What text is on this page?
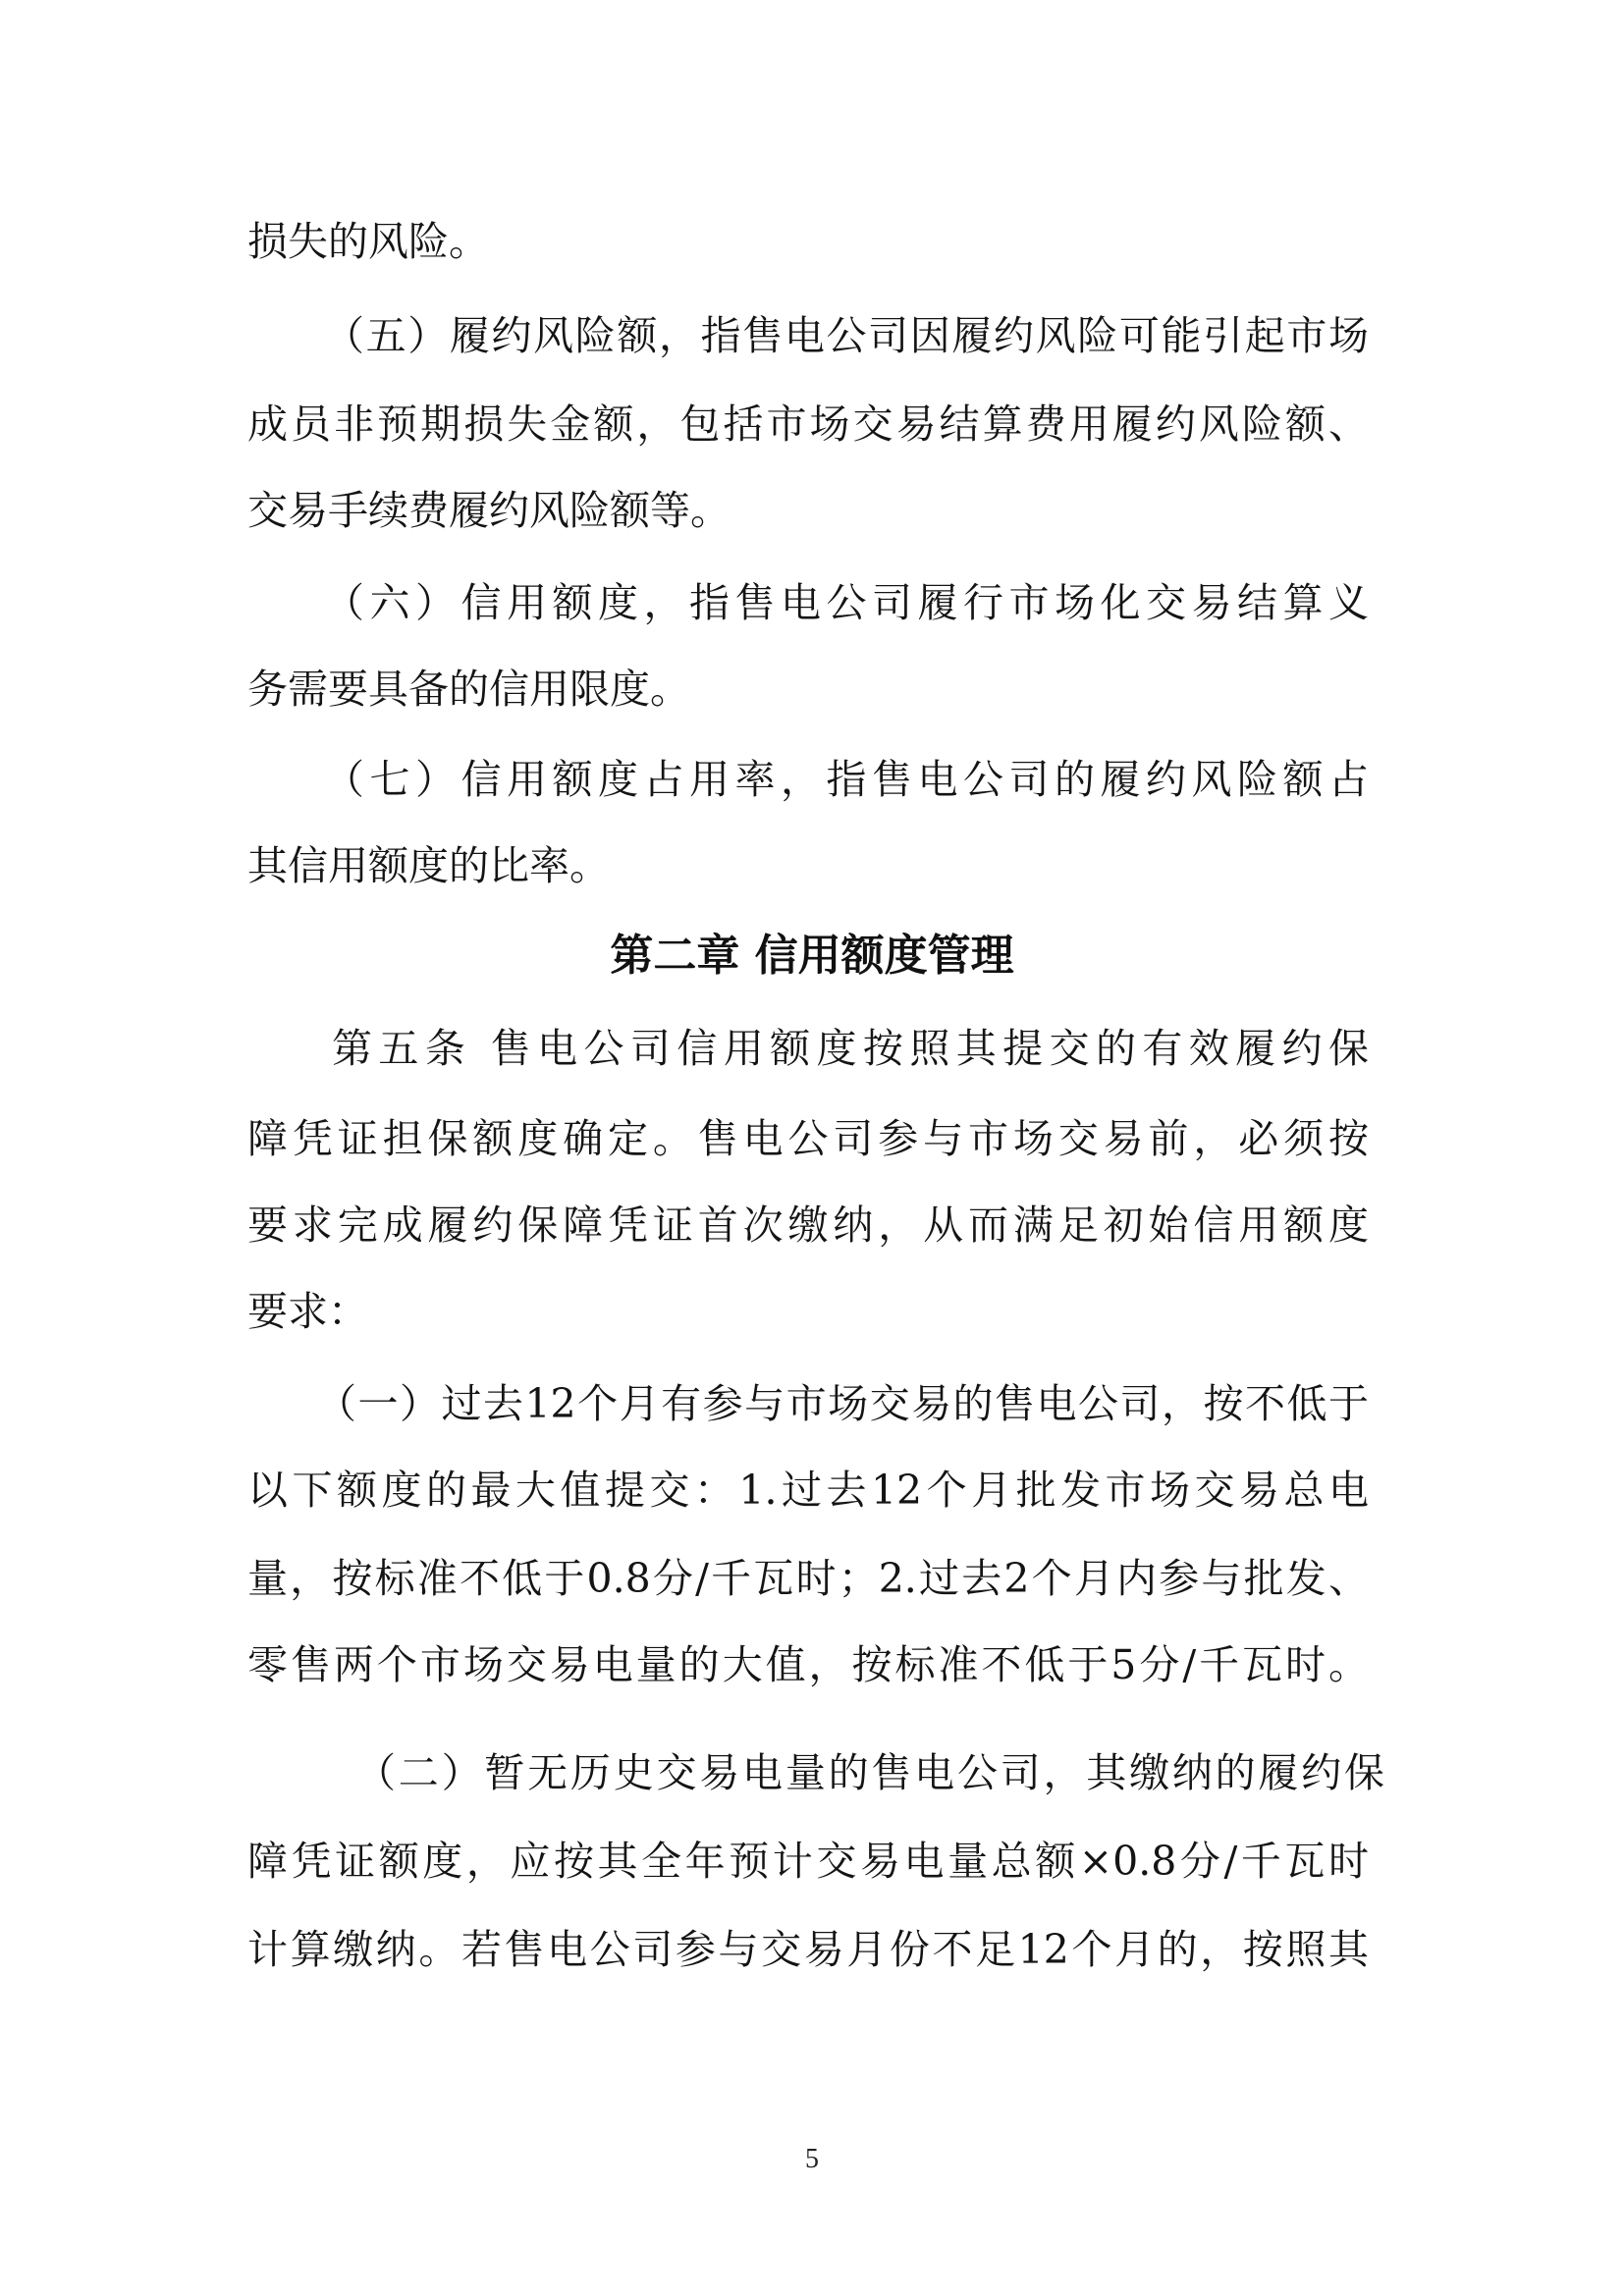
损失的风险。
（五）履约风险额，指售电公司因履约风险可能引起市场
成员非预期损失金额，包括市场交易结算费用履约风险额、
交易手续费履约风险额等。
（六）信用额度，指售电公司履行市场化交易结算义
务需要具备的信用限度。
（七）信用额度占用率，指售电公司的履约风险额占
其信用额度的比率。
第二章 信用额度管理
第五条 售电公司信用额度按照其提交的有效履约保
障凭证担保额度确定。售电公司参与市场交易前，必须按
要求完成履约保障凭证首次缴纳，从而满足初始信用额度
要求：
（一）过去12个月有参与市场交易的售电公司，按不低于
以下额度的最大值提交：1.过去12个月批发市场交易总电
量，按标准不低于0.8分/千瓦时；2.过去2个月内参与批发、
零售两个市场交易电量的大值，按标准不低于5分/千瓦时。
（二）暂无历史交易电量的售电公司，其缴纳的履约保
障凭证额度，应按其全年预计交易电量总额×0.8分/千瓦时
计算缴纳。若售电公司参与交易月份不足12个月的，按照其
5
